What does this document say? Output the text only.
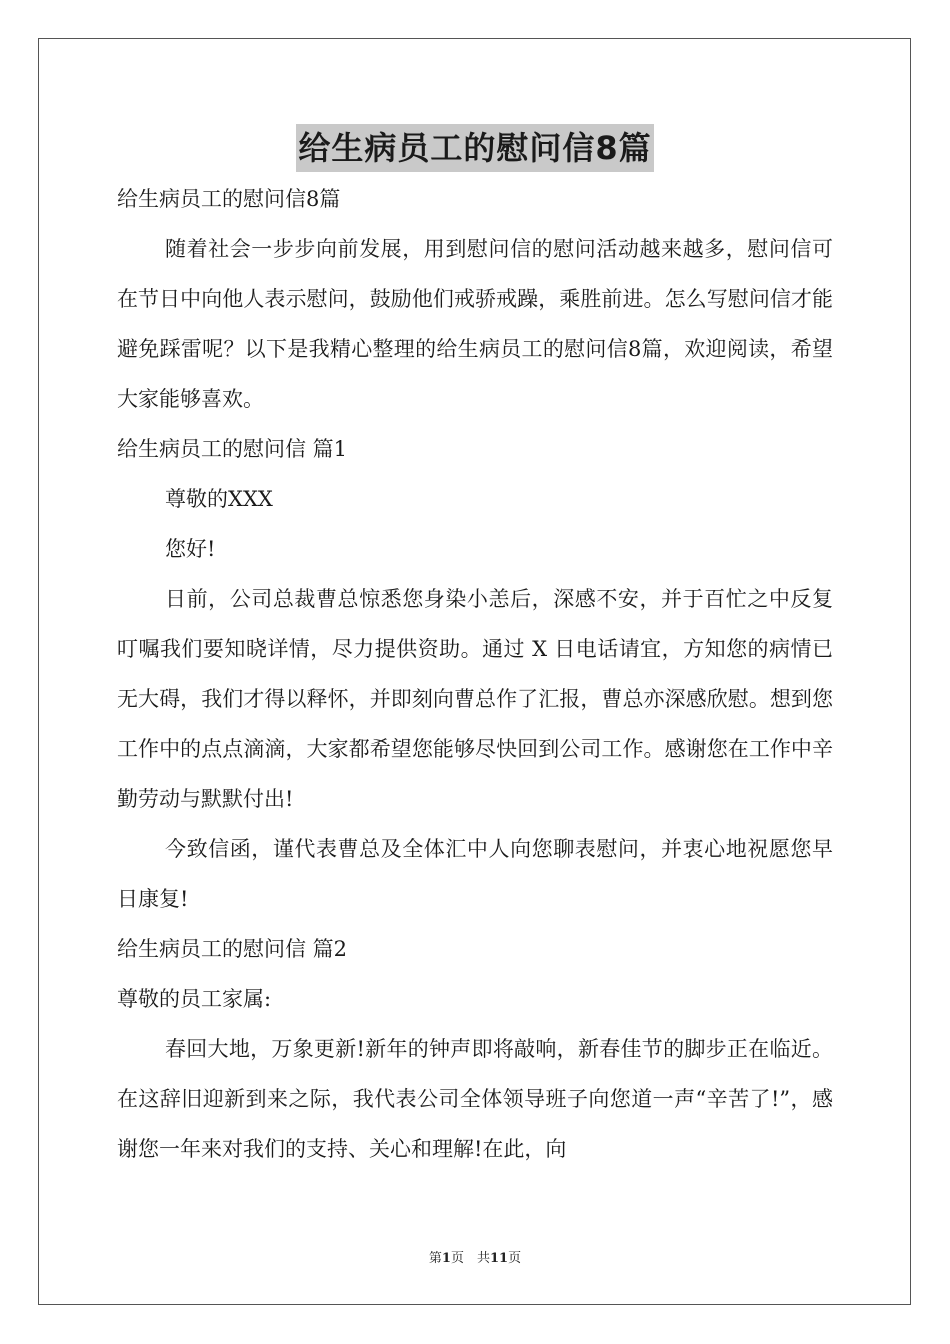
给生病员工的慰问信8篇

给生病员工的慰问信8篇

随着社会一步步向前发展，用到慰问信的慰问活动越来越多，慰问信可在节日中向他人表示慰问，鼓励他们戒骄戒躁，乘胜前进。怎么写慰问信才能避免踩雷呢？以下是我精心整理的给生病员工的慰问信8篇，欢迎阅读，希望大家能够喜欢。

给生病员工的慰问信 篇1

尊敬的XXX

您好!

日前，公司总裁曹总惊悉您身染小恙后，深感不安，并于百忙之中反复叮嘱我们要知晓详情，尽力提供资助。通过 X 日电话请宜，方知您的病情已无大碍，我们才得以释怀，并即刻向曹总作了汇报，曹总亦深感欣慰。想到您工作中的点点滴滴，大家都希望您能够尽快回到公司工作。感谢您在工作中辛勤劳动与默默付出!

今致信函，谨代表曹总及全体汇中人向您聊表慰问，并衷心地祝愿您早日康复!

给生病员工的慰问信 篇2

尊敬的员工家属:

春回大地，万象更新!新年的钟声即将敲响，新春佳节的脚步正在临近。在这辞旧迎新到来之际，我代表公司全体领导班子向您道一声“辛苦了!”，感谢您一年来对我们的支持、关心和理解!在此，向

第1页　共11页
